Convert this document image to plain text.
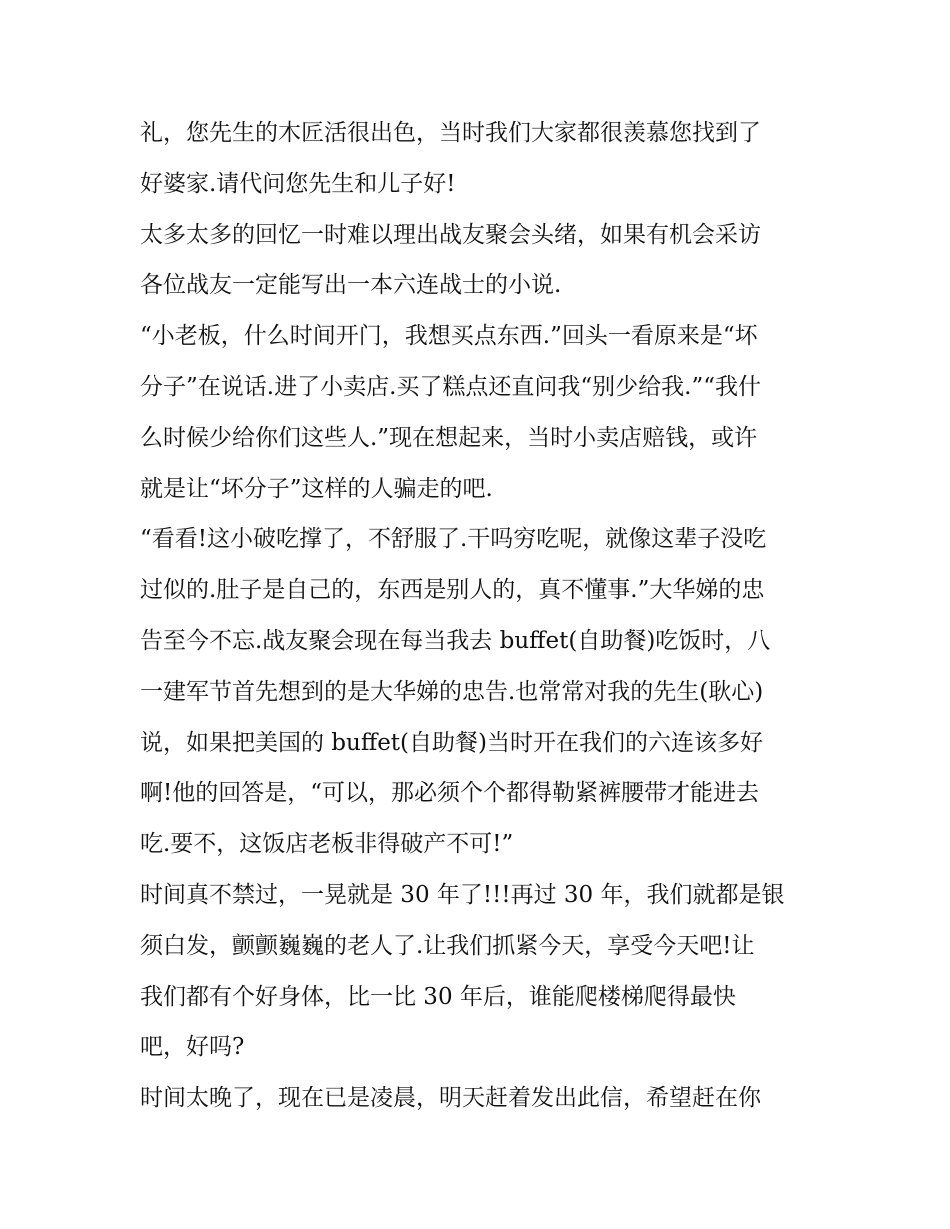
礼，您先生的木匠活很出色，当时我们大家都很羡慕您找到了
好婆家.请代问您先生和儿子好!
太多太多的回忆一时难以理出战友聚会头绪，如果有机会采访
各位战友一定能写出一本六连战士的小说.
“小老板，什么时间开门，我想买点东西.”回头一看原来是“坏
分子”在说话.进了小卖店.买了糕点还直问我“别少给我.”“我什
么时候少给你们这些人.”现在想起来，当时小卖店赔钱，或许
就是让“坏分子”这样的人骗走的吧.
“看看!这小破吃撑了，不舒服了.干吗穷吃呢，就像这辈子没吃
过似的.肚子是自己的，东西是别人的，真不懂事.”大华娣的忠
告至今不忘.战友聚会现在每当我去 buffet(自助餐)吃饭时，八
一建军节首先想到的是大华娣的忠告.也常常对我的先生(耿心)
说，如果把美国的 buffet(自助餐)当时开在我们的六连该多好
啊!他的回答是，“可以，那必须个个都得勒紧裤腰带才能进去
吃.要不，这饭店老板非得破产不可!”
时间真不禁过，一晃就是 30 年了!!!再过 30 年，我们就都是银
须白发，颤颤巍巍的老人了.让我们抓紧今天，享受今天吧!让
我们都有个好身体，比一比 30 年后，谁能爬楼梯爬得最快
吧，好吗?
时间太晚了，现在已是凌晨，明天赶着发出此信，希望赶在你
